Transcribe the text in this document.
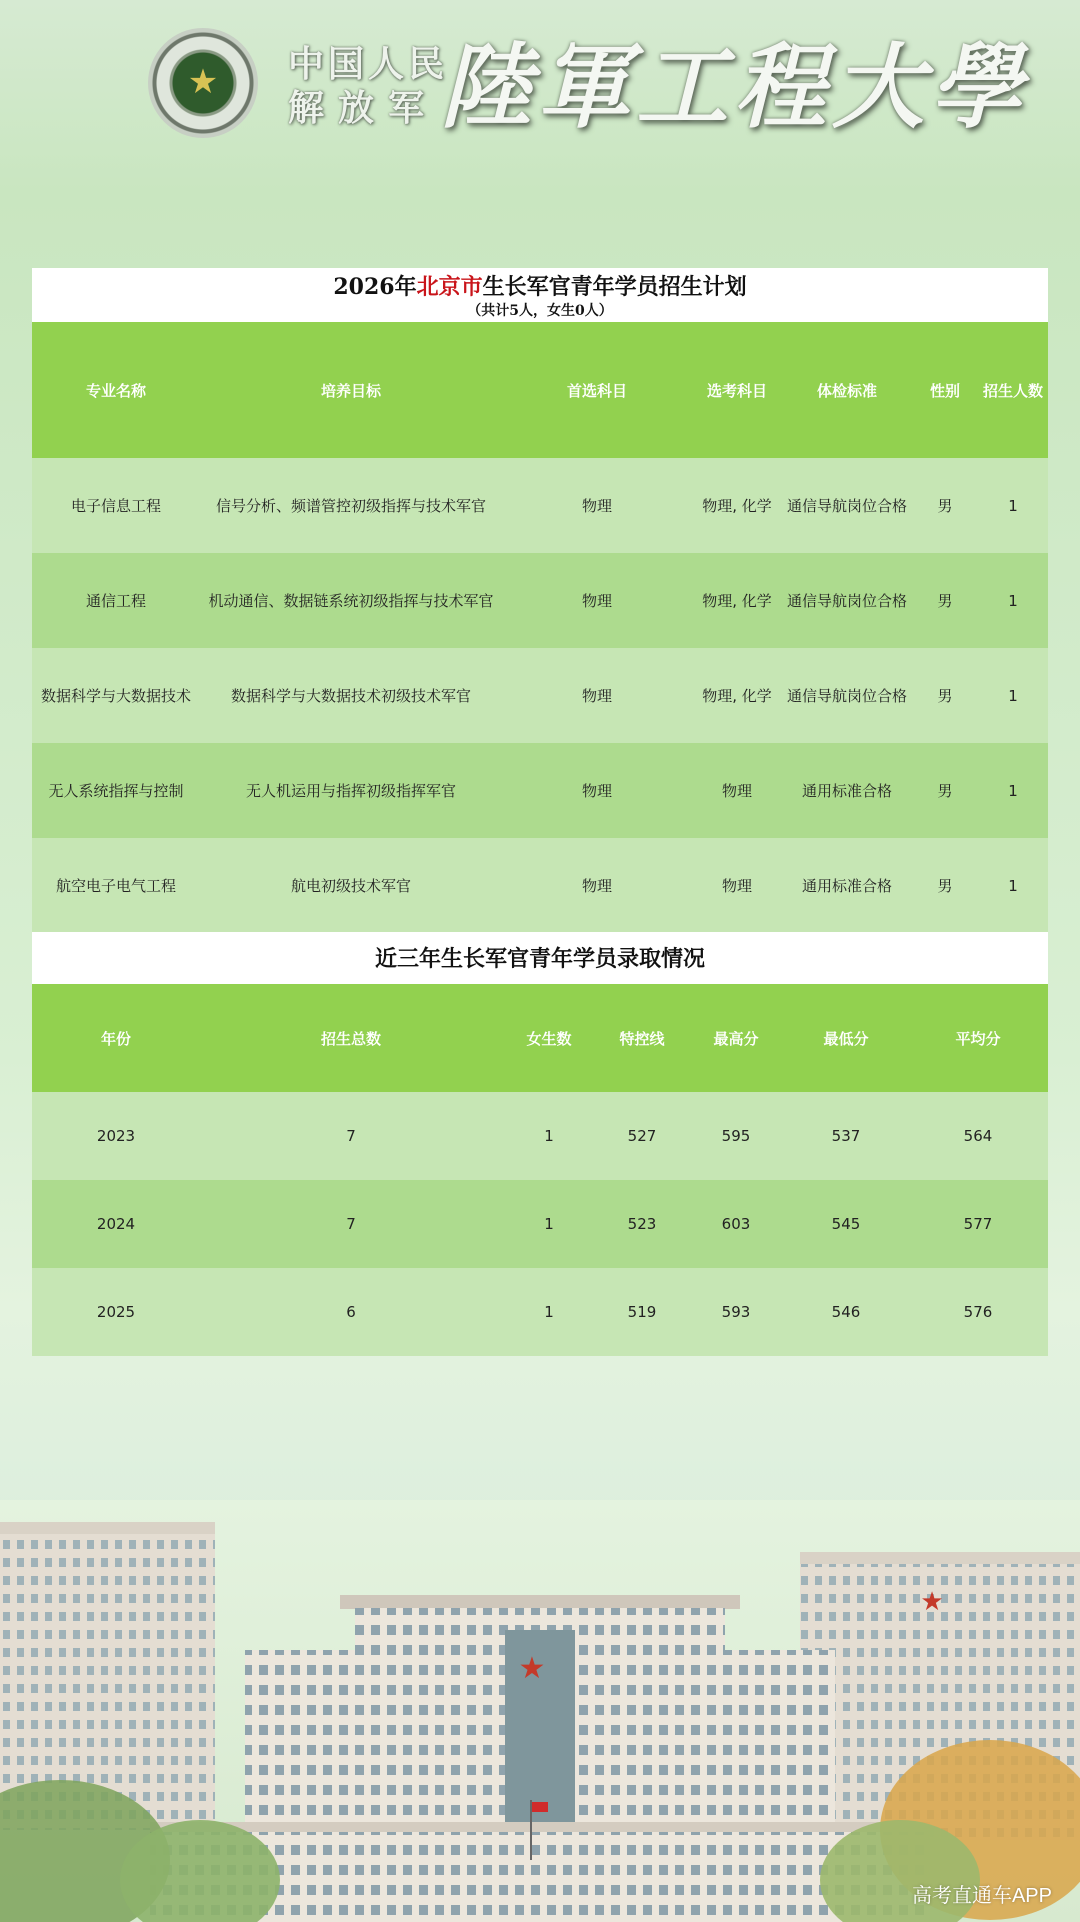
★	中国人民
解放军 陸軍工程大學
2026年北京市生长军官青年学员招生计划
（共计5人，女生0人）
专业名称	培养目标	首选科目	选考科目	体检标准	性别	招生人数
电子信息工程	信号分析、频谱管控初级指挥与技术军官	物理	物理, 化学	通信导航岗位合格	男	1
通信工程	机动通信、数据链系统初级指挥与技术军官	物理	物理, 化学	通信导航岗位合格	男	1
数据科学与大数据技术	数据科学与大数据技术初级技术军官	物理	物理, 化学	通信导航岗位合格	男	1
无人系统指挥与控制	无人机运用与指挥初级指挥军官	物理	物理	通用标准合格	男	1
航空电子电气工程	航电初级技术军官	物理	物理	通用标准合格	男	1
近三年生长军官青年学员录取情况
年份	招生总数	女生数	特控线	最高分	最低分	平均分
2023	7	1	527	595	537	564
2024	7	1	523	603	545	577
2025	6	1	519	593	546	576
★
★
高考直通车APP
